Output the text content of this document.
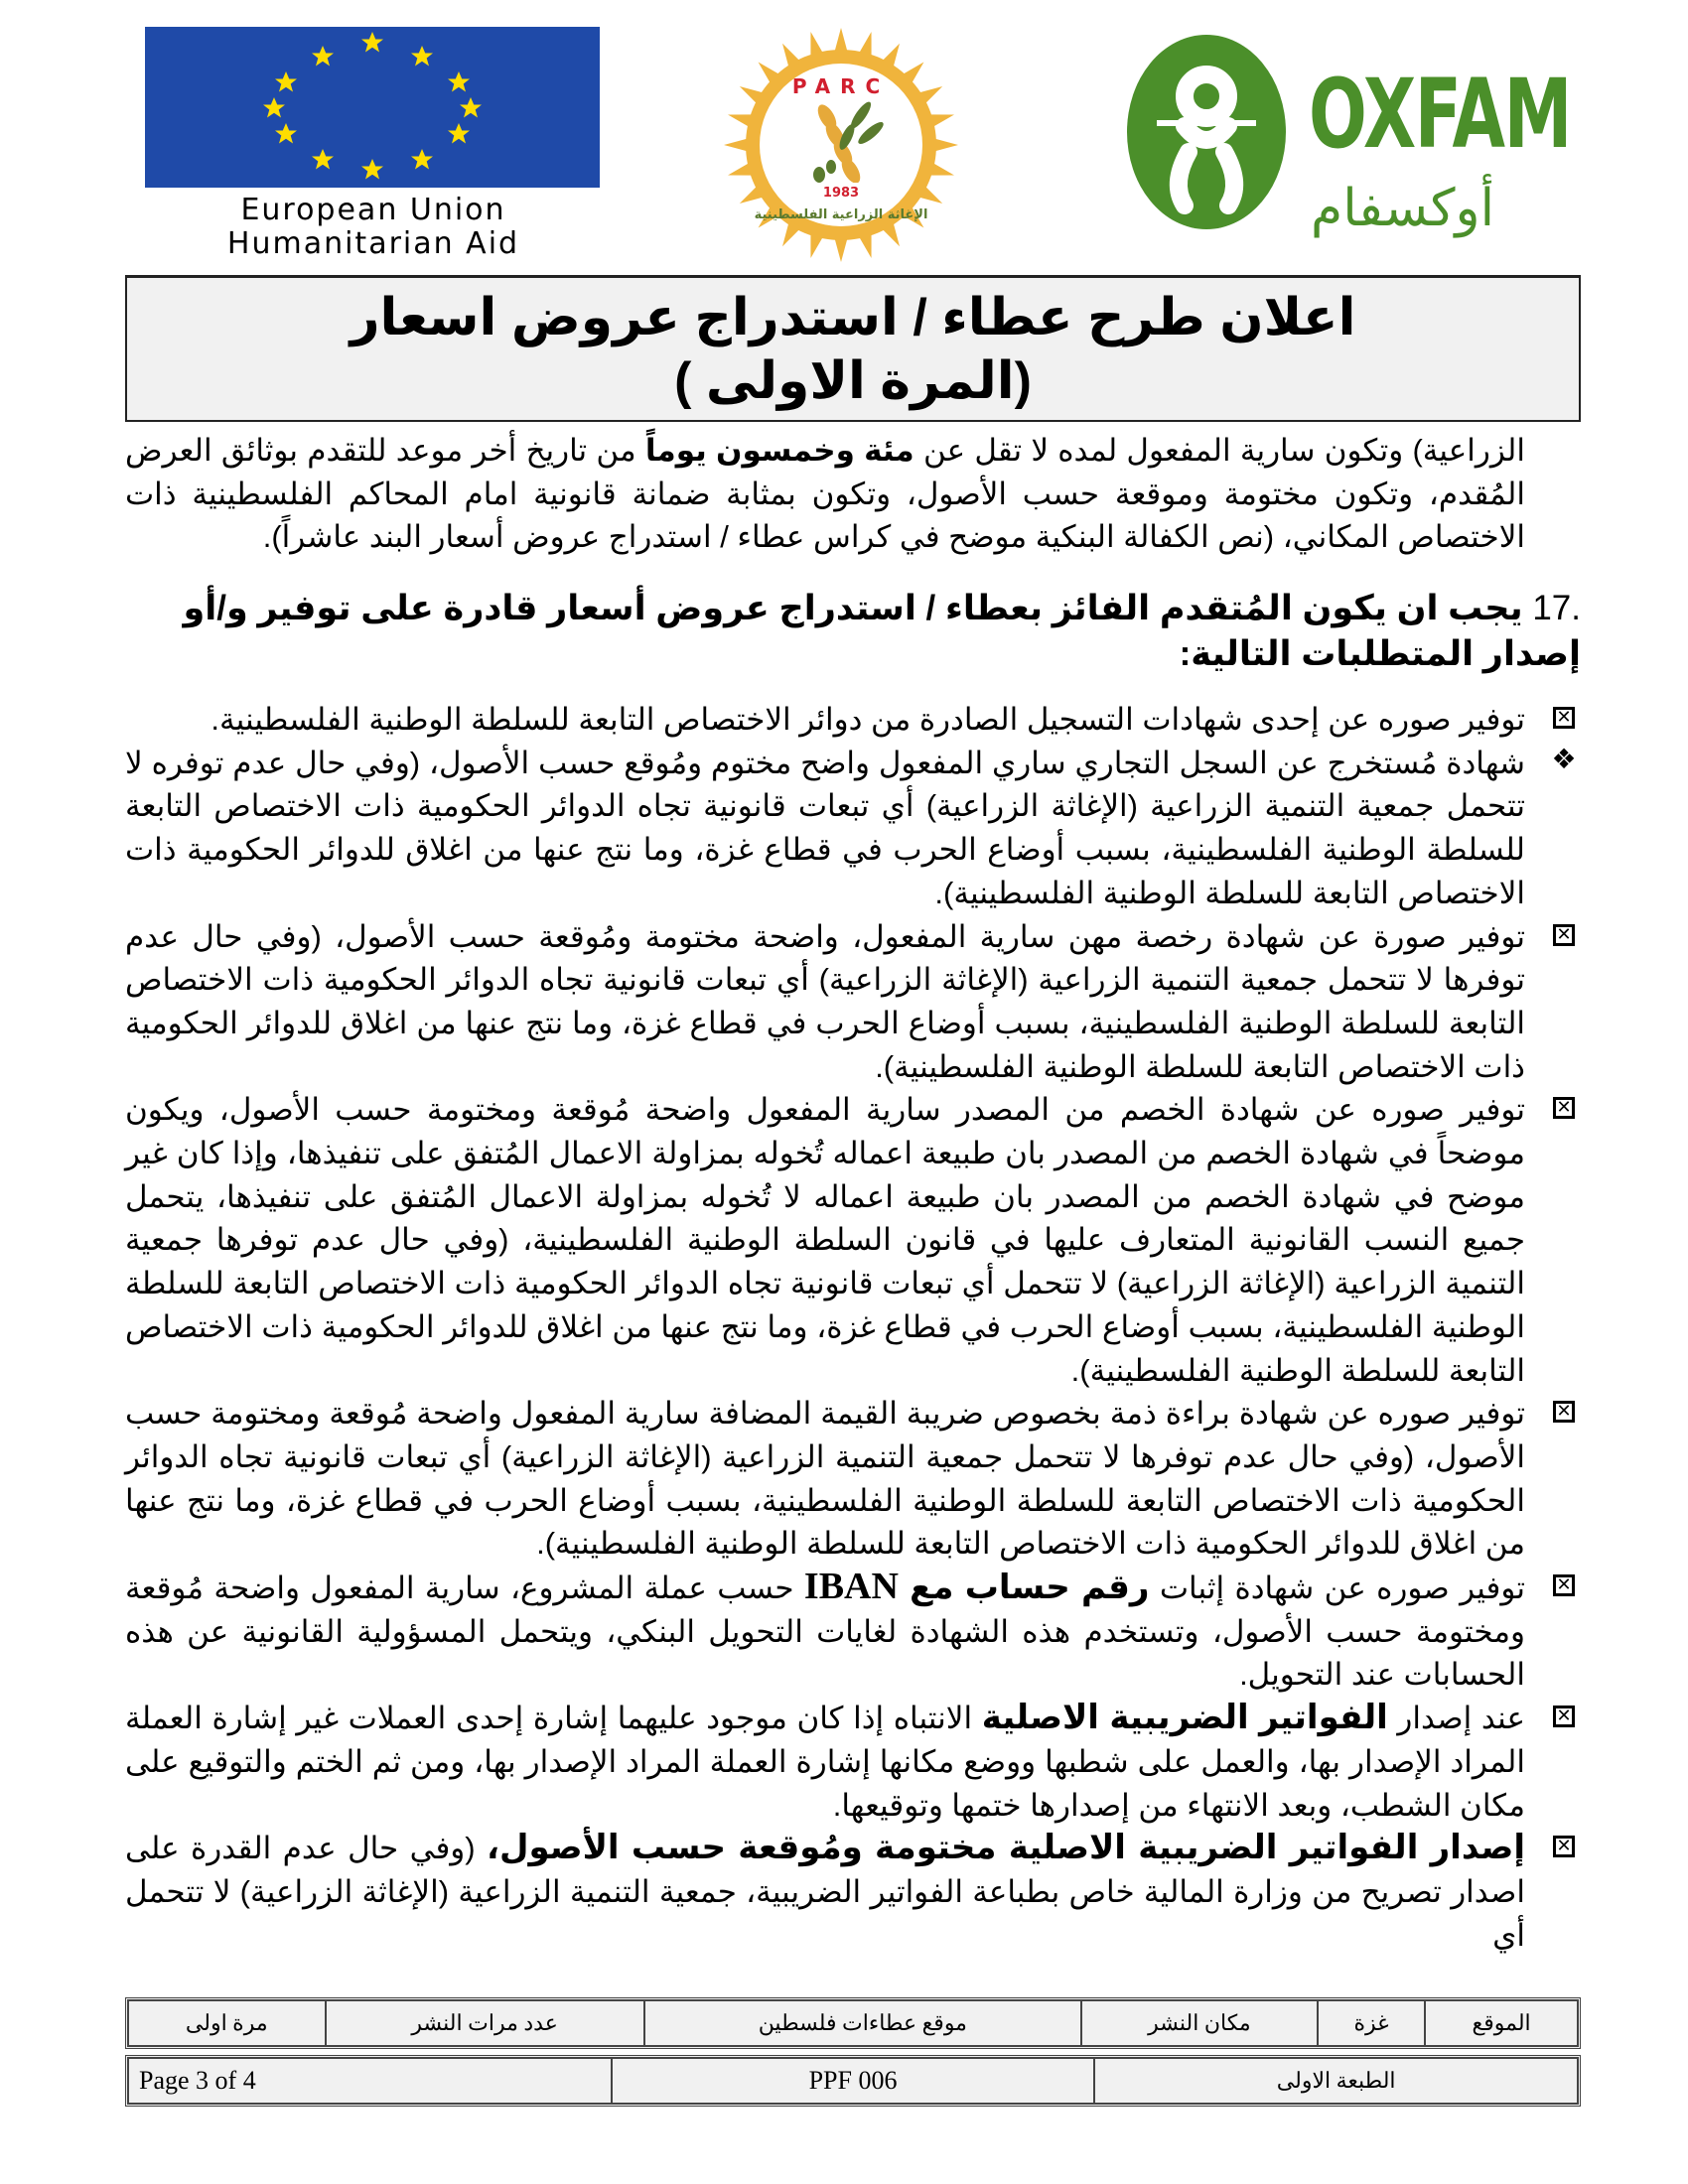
European Union
Humanitarian Aid
PARC
1983
الإغاثة الزراعية الفلسطينية
OXFAM
أوكسفام
اعلان طرح عطاء / استدراج عروض اسعار
(المرة الاولى )

الزراعية) وتكون سارية المفعول لمده لا تقل عن مئة وخمسون يوماً من تاريخ أخر موعد للتقدم بوثائق العرض المُقدم، وتكون مختومة وموقعة حسب الأصول، وتكون بمثابة ضمانة قانونية امام المحاكم الفلسطينية ذات الاختصاص المكاني، (نص الكفالة البنكية موضح في كراس عطاء / استدراج عروض أسعار البند عاشراً).

.17 يجب ان يكون المُتقدم الفائز بعطاء / استدراج عروض أسعار قادرة على توفير و/أو إصدار المتطلبات التالية:
✕
توفير صوره عن إحدى شهادات التسجيل الصادرة من دوائر الاختصاص التابعة للسلطة الوطنية الفلسطينية.
❖
شهادة مُستخرج عن السجل التجاري ساري المفعول واضح مختوم ومُوقع حسب الأصول، (وفي حال عدم توفره لا تتحمل جمعية التنمية الزراعية (الإغاثة الزراعية) أي تبعات قانونية تجاه الدوائر الحكومية ذات الاختصاص التابعة للسلطة الوطنية الفلسطينية، بسبب أوضاع الحرب في قطاع غزة، وما نتج عنها من اغلاق للدوائر الحكومية ذات الاختصاص التابعة للسلطة الوطنية الفلسطينية).
✕
توفير صورة عن شهادة رخصة مهن سارية المفعول، واضحة مختومة ومُوقعة حسب الأصول، (وفي حال عدم توفرها لا تتحمل جمعية التنمية الزراعية (الإغاثة الزراعية) أي تبعات قانونية تجاه الدوائر الحكومية ذات الاختصاص التابعة للسلطة الوطنية الفلسطينية، بسبب أوضاع الحرب في قطاع غزة، وما نتج عنها من اغلاق للدوائر الحكومية ذات الاختصاص التابعة للسلطة الوطنية الفلسطينية).
✕
توفير صوره عن شهادة الخصم من المصدر سارية المفعول واضحة مُوقعة ومختومة حسب الأصول، ويكون موضحاً في شهادة الخصم من المصدر بان طبيعة اعماله تُخوله بمزاولة الاعمال المُتفق على تنفيذها، وإذا كان غير موضح في شهادة الخصم من المصدر بان طبيعة اعماله لا تُخوله بمزاولة الاعمال المُتفق على تنفيذها، يتحمل جميع النسب القانونية المتعارف عليها في قانون السلطة الوطنية الفلسطينية، (وفي حال عدم توفرها جمعية التنمية الزراعية (الإغاثة الزراعية) لا تتحمل أي تبعات قانونية تجاه الدوائر الحكومية ذات الاختصاص التابعة للسلطة الوطنية الفلسطينية، بسبب أوضاع الحرب في قطاع غزة، وما نتج عنها من اغلاق للدوائر الحكومية ذات الاختصاص التابعة للسلطة الوطنية الفلسطينية).
✕
توفير صوره عن شهادة براءة ذمة بخصوص ضريبة القيمة المضافة سارية المفعول واضحة مُوقعة ومختومة حسب الأصول، (وفي حال عدم توفرها لا تتحمل جمعية التنمية الزراعية (الإغاثة الزراعية) أي تبعات قانونية تجاه الدوائر الحكومية ذات الاختصاص التابعة للسلطة الوطنية الفلسطينية، بسبب أوضاع الحرب في قطاع غزة، وما نتج عنها من اغلاق للدوائر الحكومية ذات الاختصاص التابعة للسلطة الوطنية الفلسطينية).
✕
توفير صوره عن شهادة إثبات رقم حساب مع IBAN حسب عملة المشروع، سارية المفعول واضحة مُوقعة ومختومة حسب الأصول، وتستخدم هذه الشهادة لغايات التحويل البنكي، ويتحمل المسؤولية القانونية عن هذه الحسابات عند التحويل.
✕
عند إصدار الفواتير الضريبية الاصلية الانتباه إذا كان موجود عليهما إشارة إحدى العملات غير إشارة العملة المراد الإصدار بها، والعمل على شطبها ووضع مكانها إشارة العملة المراد الإصدار بها، ومن ثم الختم والتوقيع على مكان الشطب، وبعد الانتهاء من إصدارها ختمها وتوقيعها.
✕
إصدار الفواتير الضريبية الاصلية مختومة ومُوقعة حسب الأصول، (وفي حال عدم القدرة على اصدار تصريح من وزارة المالية خاص بطباعة الفواتير الضريبية، جمعية التنمية الزراعية (الإغاثة الزراعية) لا تتحمل أي
الموقع	غزة	مكان النشر	موقع عطاءات فلسطين	عدد مرات النشر	مرة اولى
الطبعة الاولى	PPF 006	Page 3 of 4
